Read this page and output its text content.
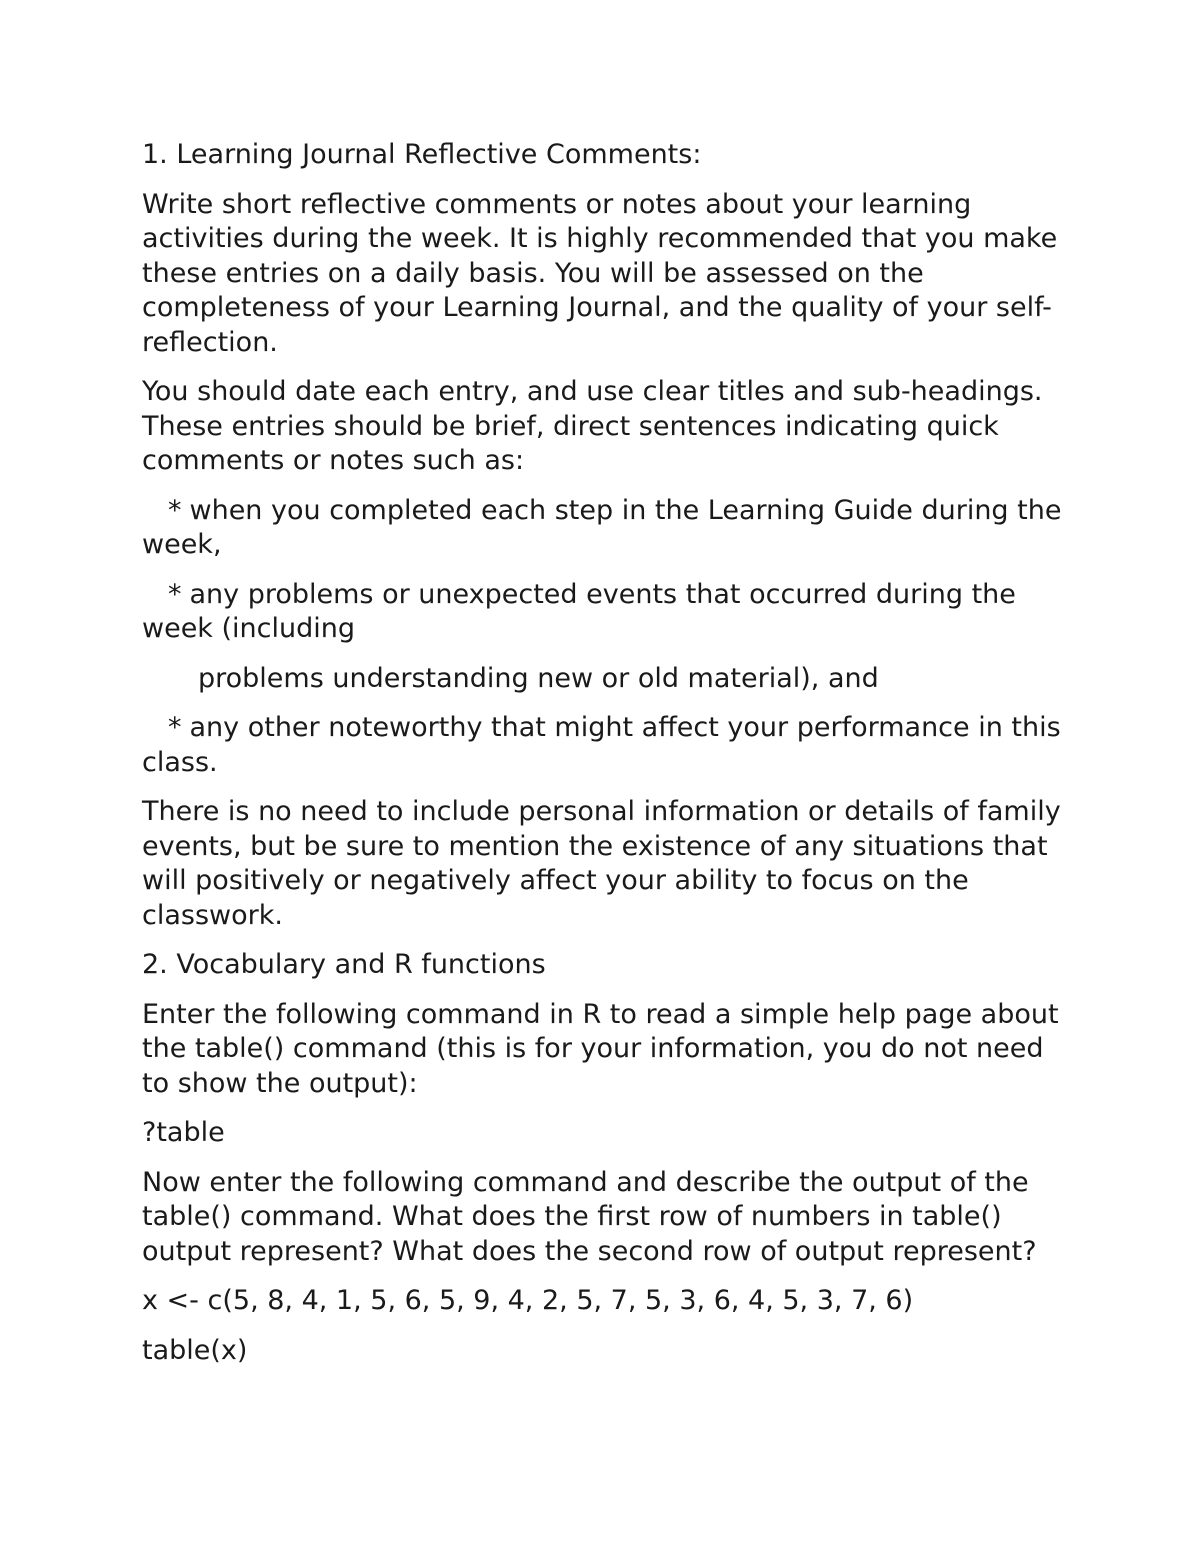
1. Learning Journal Reflective Comments:

Write short reflective comments or notes about your learning activities during the week. It is highly recommended that you make these entries on a daily basis. You will be assessed on the completeness of your Learning Journal, and the quality of your self-reflection.

You should date each entry, and use clear titles and sub-headings. These entries should be brief, direct sentences indicating quick comments or notes such as:

* when you completed each step in the Learning Guide during the week,

* any problems or unexpected events that occurred during the week (including

problems understanding new or old material), and

* any other noteworthy that might affect your performance in this class.

There is no need to include personal information or details of family events, but be sure to mention the existence of any situations that will positively or negatively affect your ability to focus on the classwork.

2. Vocabulary and R functions

Enter the following command in R to read a simple help page about the table() command (this is for your information, you do not need to show the output):

?table

Now enter the following command and describe the output of the table() command. What does the first row of numbers in table() output represent? What does the second row of output represent?

x <- c(5, 8, 4, 1, 5, 6, 5, 9, 4, 2, 5, 7, 5, 3, 6, 4, 5, 3, 7, 6)

table(x)
